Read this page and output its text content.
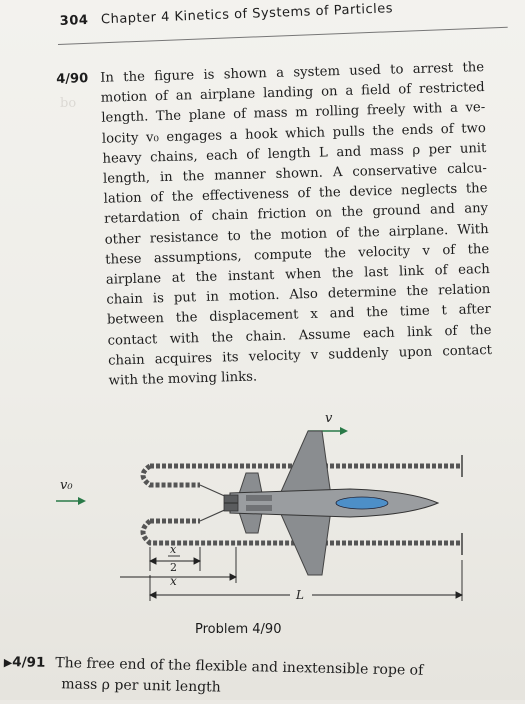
bo
304 Chapter 4 Kinetics of Systems of Particles
4/90 In the figure is shown a system used to arrest the
motion of an airplane landing on a field of restricted
length. The plane of mass m rolling freely with a ve-
locity v₀ engages a hook which pulls the ends of two
heavy chains, each of length L and mass ρ per unit
length, in the manner shown. A conservative calcu-
lation of the effectiveness of the device neglects the
retardation of chain friction on the ground and any
other resistance to the motion of the airplane. With
these assumptions, compute the velocity v of the
airplane at the instant when the last link of each
chain is put in motion. Also determine the relation
between the displacement x and the time t after
contact with the chain. Assume each link of the
chain acquires its velocity v suddenly upon contact
with the moving links.
v
v₀
x
2
x
L
Problem 4/90
▶4/91 The free end of the flexible and inextensible rope of
mass ρ per unit length
